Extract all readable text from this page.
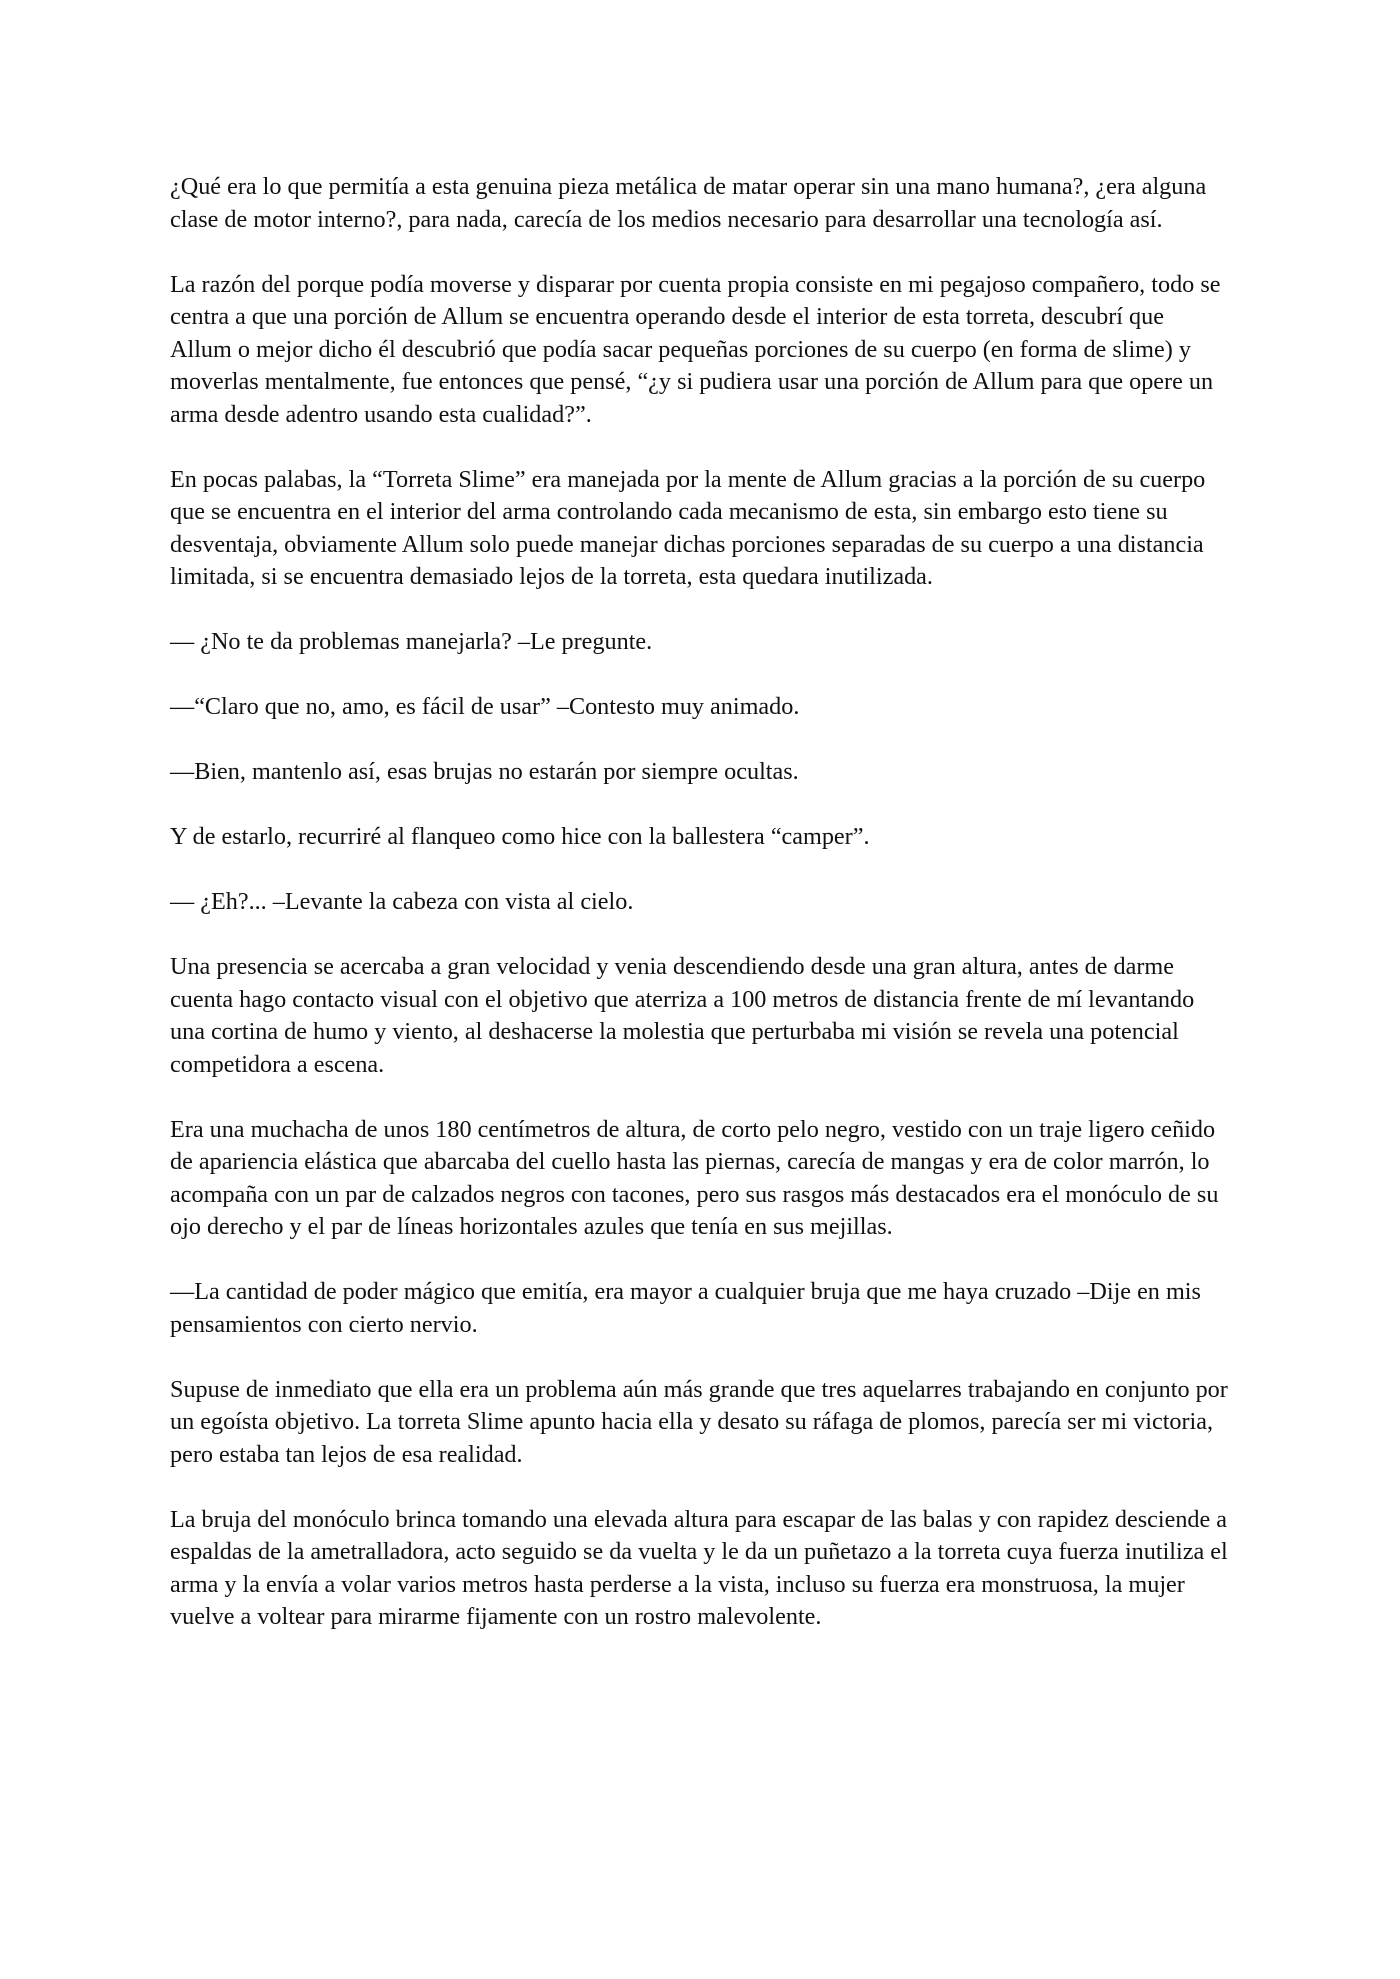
¿Qué era lo que permitía a esta genuina pieza metálica de matar operar sin una mano humana?, ¿era alguna clase de motor interno?, para nada, carecía de los medios necesario para desarrollar una tecnología así.

La razón del porque podía moverse y disparar por cuenta propia consiste en mi pegajoso compañero, todo se centra a que una porción de Allum se encuentra operando desde el interior de esta torreta, descubrí que Allum o mejor dicho él descubrió que podía sacar pequeñas porciones de su cuerpo (en forma de slime) y moverlas mentalmente, fue entonces que pensé, “¿y si pudiera usar una porción de Allum para que opere un arma desde adentro usando esta cualidad?”.

En pocas palabas, la “Torreta Slime” era manejada por la mente de Allum gracias a la porción de su cuerpo que se encuentra en el interior del arma controlando cada mecanismo de esta, sin embargo esto tiene su desventaja, obviamente Allum solo puede manejar dichas porciones separadas de su cuerpo a una distancia limitada, si se encuentra demasiado lejos de la torreta, esta quedara inutilizada.

— ¿No te da problemas manejarla? –Le pregunte.

—“Claro que no, amo, es fácil de usar” –Contesto muy animado.

—Bien, mantenlo así, esas brujas no estarán por siempre ocultas.

Y de estarlo, recurriré al flanqueo como hice con la ballestera “camper”.

— ¿Eh?... –Levante la cabeza con vista al cielo.

Una presencia se acercaba a gran velocidad y venia descendiendo desde una gran altura, antes de darme cuenta hago contacto visual con el objetivo que aterriza a 100 metros de distancia frente de mí levantando una cortina de humo y viento, al deshacerse la molestia que perturbaba mi visión se revela una potencial competidora a escena.

Era una muchacha de unos 180 centímetros de altura, de corto pelo negro, vestido con un traje ligero ceñido de apariencia elástica que abarcaba del cuello hasta las piernas, carecía de mangas y era de color marrón, lo acompaña con un par de calzados negros con tacones, pero sus rasgos más destacados era el monóculo de su ojo derecho y el par de líneas horizontales azules que tenía en sus mejillas.

—La cantidad de poder mágico que emitía, era mayor a cualquier bruja que me haya cruzado –Dije en mis pensamientos con cierto nervio.

Supuse de inmediato que ella era un problema aún más grande que tres aquelarres trabajando en conjunto por un egoísta objetivo. La torreta Slime apunto hacia ella y desato su ráfaga de plomos, parecía ser mi victoria, pero estaba tan lejos de esa realidad.

La bruja del monóculo brinca tomando una elevada altura para escapar de las balas y con rapidez desciende a espaldas de la ametralladora, acto seguido se da vuelta y le da un puñetazo a la torreta cuya fuerza inutiliza el arma y la envía a volar varios metros hasta perderse a la vista, incluso su fuerza era monstruosa, la mujer vuelve a voltear para mirarme fijamente con un rostro malevolente.
